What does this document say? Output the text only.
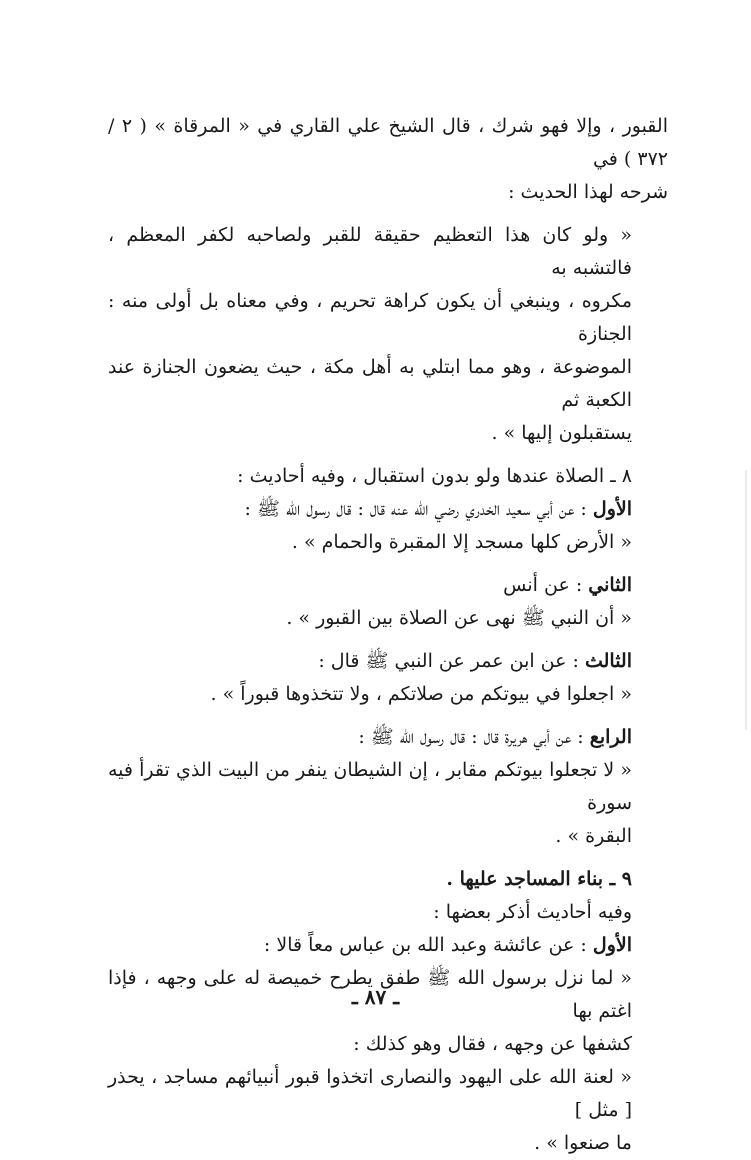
القبور ، وإلا فهو شرك ، قال الشيخ علي القاري في « المرقاة » ( ٢ / ٣٧٢ ) في
شرحه لهذا الحديث :

« ولو كان هذا التعظيم حقيقة للقبر ولصاحبه لكفر المعظم ، فالتشبه به
مكروه ، وينبغي أن يكون كراهة تحريم ، وفي معناه بل أولى منه : الجنازة
الموضوعة ، وهو مما ابتلي به أهل مكة ، حيث يضعون الجنازة عند الكعبة ثم
يستقبلون إليها » .

٨ ـ الصلاة عندها ولو بدون استقبال ، وفيه أحاديث :

الأول : عن أبي سعيد الخدري رضي الله عنه قال : قال رسول الله ﷺ :

« الأرض كلها مسجد إلا المقبرة والحمام » .

الثاني : عن أنس

« أن النبي ﷺ نهى عن الصلاة بين القبور » .

الثالث : عن ابن عمر عن النبي ﷺ قال :

« اجعلوا في بيوتكم من صلاتكم ، ولا تتخذوها قبوراً » .

الرابع : عن أبي هريرة قال : قال رسول الله ﷺ :

« لا تجعلوا بيوتكم مقابر ، إن الشيطان ينفر من البيت الذي تقرأ فيه سورة
البقرة » .

٩ ـ بناء المساجد عليها .

وفيه أحاديث أذكر بعضها :

الأول : عن عائشة وعبد الله بن عباس معاً قالا :

« لما نزل برسول الله ﷺ طفق يطرح خميصة له على وجهه ، فإذا اغتم بها
كشفها عن وجهه ، فقال وهو كذلك :

« لعنة الله على اليهود والنصارى اتخذوا قبور أنبيائهم مساجد ، يحذر [ مثل ]
ما صنعوا » .

ـ ٨٧ ـ
